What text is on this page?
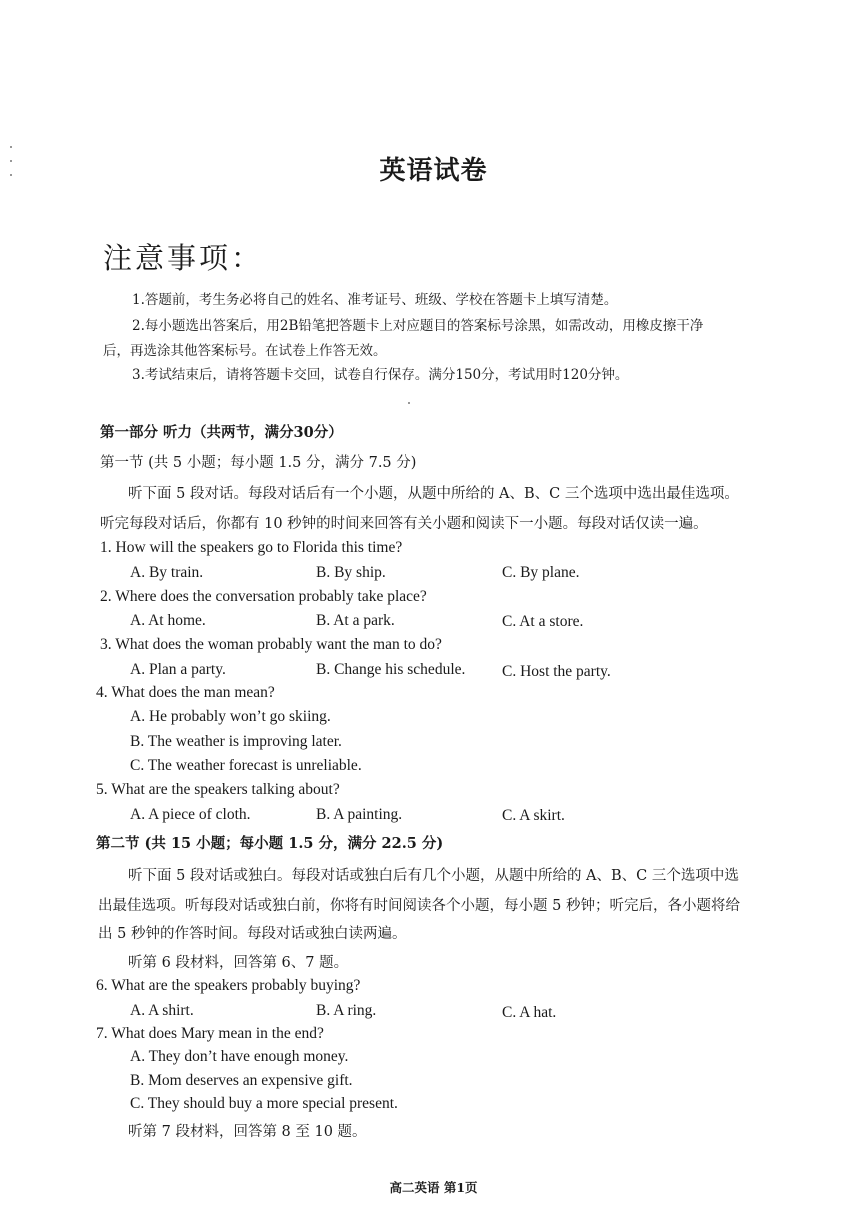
英语试卷
注意事项：
1.答题前，考生务必将自己的姓名、准考证号、班级、学校在答题卡上填写清楚。
2.每小题选出答案后，用2B铅笔把答题卡上对应题目的答案标号涂黑，如需改动，用橡皮擦干净
后，再选涂其他答案标号。在试卷上作答无效。
3.考试结束后，请将答题卡交回，试卷自行保存。满分150分，考试用时120分钟。
第一部分 听力（共两节，满分30分）
第一节 (共 5 小题；每小题 1.5 分，满分 7.5 分)
听下面 5 段对话。每段对话后有一个小题，从题中所给的 A、B、C 三个选项中选出最佳选项。
听完每段对话后，你都有 10 秒钟的时间来回答有关小题和阅读下一小题。每段对话仅读一遍。
1. How will the speakers go to Florida this time?
A. By train.	B. By ship.	C. By plane.
2. Where does the conversation probably take place?
A. At home.	B. At a park.	C. At a store.
3. What does the woman probably want the man to do?
A. Plan a party.	B. Change his schedule. C. Host the party.
4. What does the man mean?
A. He probably won’t go skiing.
B. The weather is improving later.
C. The weather forecast is unreliable.
5. What are the speakers talking about?
A. A piece of cloth.	B. A painting.	C. A skirt.
第二节 (共 15 小题；每小题 1.5 分，满分 22.5 分)
听下面 5 段对话或独白。每段对话或独白后有几个小题，从题中所给的 A、B、C 三个选项中选
出最佳选项。听每段对话或独白前，你将有时间阅读各个小题，每小题 5 秒钟；听完后，各小题将给
出 5 秒钟的作答时间。每段对话或独白读两遍。
听第 6 段材料，回答第 6、7 题。
6. What are the speakers probably buying?
A. A shirt.	B. A ring.	C. A hat.
7. What does Mary mean in the end?
A. They don’t have enough money.
B. Mom deserves an expensive gift.
C. They should buy a more special present.
听第 7 段材料，回答第 8 至 10 题。
高二英语 第1页
